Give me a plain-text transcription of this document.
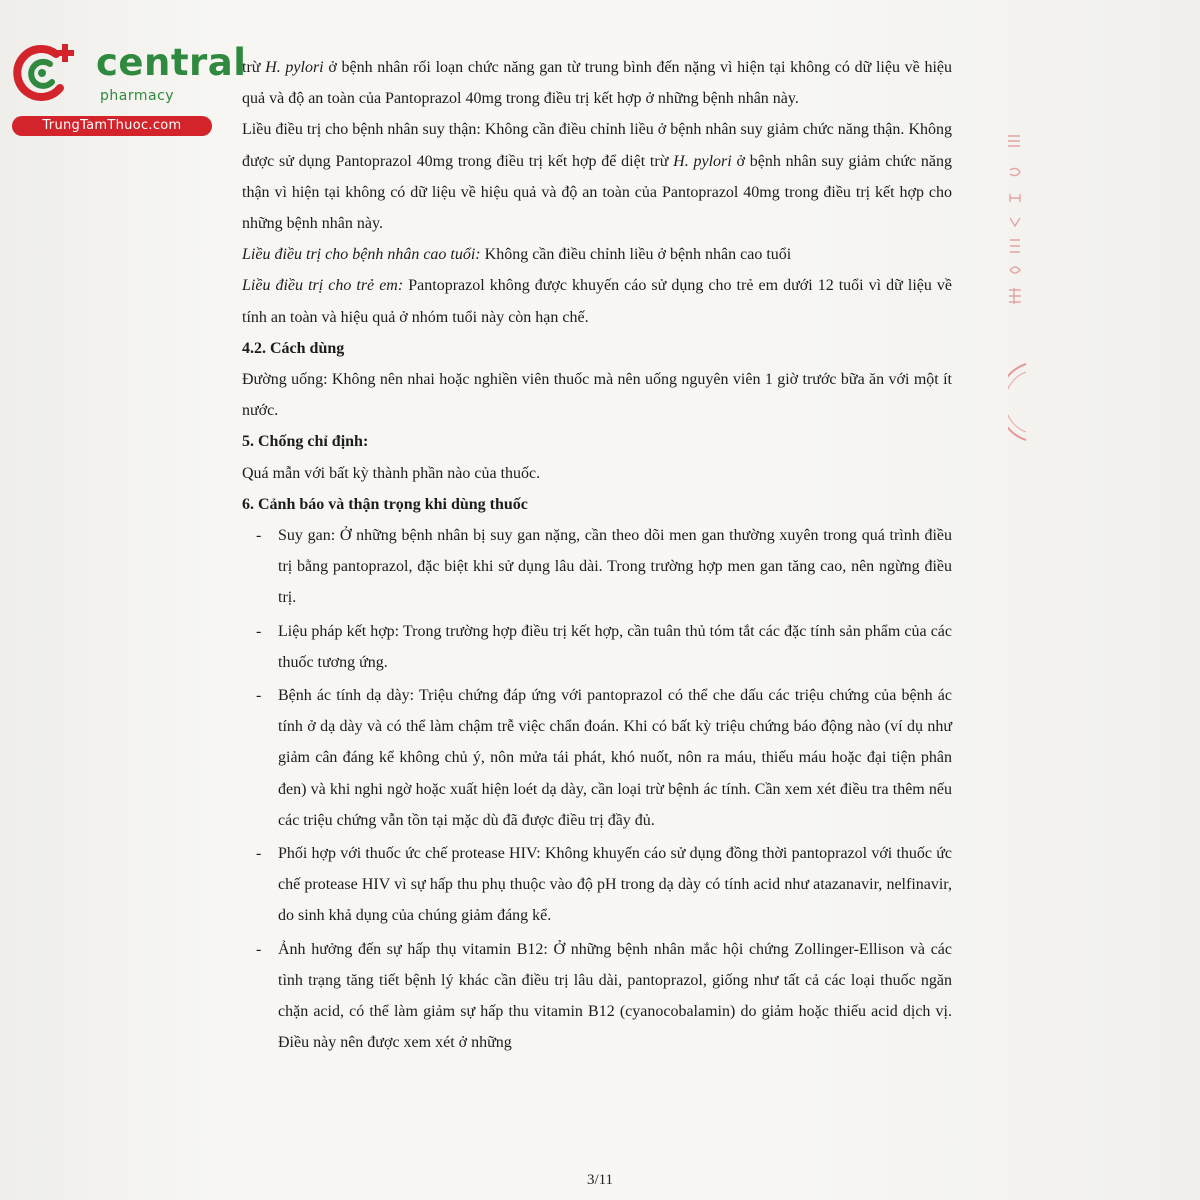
central
pharmacy
TrungTamThuoc.com

trừ H. pylori ở bệnh nhân rối loạn chức năng gan từ trung bình đến nặng vì hiện tại không có dữ liệu về hiệu quả và độ an toàn của Pantoprazol 40mg trong điều trị kết hợp ở những bệnh nhân này.

Liều điều trị cho bệnh nhân suy thận: Không cần điều chỉnh liều ở bệnh nhân suy giảm chức năng thận. Không được sử dụng Pantoprazol 40mg trong điều trị kết hợp để diệt trừ H. pylori ở bệnh nhân suy giảm chức năng thận vì hiện tại không có dữ liệu về hiệu quả và độ an toàn của Pantoprazol 40mg trong điều trị kết hợp cho những bệnh nhân này.

Liều điều trị cho bệnh nhân cao tuổi: Không cần điều chỉnh liều ở bệnh nhân cao tuổi

Liều điều trị cho trẻ em: Pantoprazol không được khuyến cáo sử dụng cho trẻ em dưới 12 tuổi vì dữ liệu về tính an toàn và hiệu quả ở nhóm tuổi này còn hạn chế.

4.2. Cách dùng

Đường uống: Không nên nhai hoặc nghiền viên thuốc mà nên uống nguyên viên 1 giờ trước bữa ăn với một ít nước.

5. Chống chỉ định:

Quá mẫn với bất kỳ thành phần nào của thuốc.

6. Cảnh báo và thận trọng khi dùng thuốc
- Suy gan: Ở những bệnh nhân bị suy gan nặng, cần theo dõi men gan thường xuyên trong quá trình điều trị bằng pantoprazol, đặc biệt khi sử dụng lâu dài. Trong trường hợp men gan tăng cao, nên ngừng điều trị.
- Liệu pháp kết hợp: Trong trường hợp điều trị kết hợp, cần tuân thủ tóm tắt các đặc tính sản phẩm của các thuốc tương ứng.
- Bệnh ác tính dạ dày: Triệu chứng đáp ứng với pantoprazol có thể che dấu các triệu chứng của bệnh ác tính ở dạ dày và có thể làm chậm trễ việc chẩn đoán. Khi có bất kỳ triệu chứng báo động nào (ví dụ như giảm cân đáng kể không chủ ý, nôn mửa tái phát, khó nuốt, nôn ra máu, thiếu máu hoặc đại tiện phân đen) và khi nghi ngờ hoặc xuất hiện loét dạ dày, cần loại trừ bệnh ác tính. Cần xem xét điều tra thêm nếu các triệu chứng vẫn tồn tại mặc dù đã được điều trị đầy đủ.
- Phối hợp với thuốc ức chế protease HIV: Không khuyến cáo sử dụng đồng thời pantoprazol với thuốc ức chế protease HIV vì sự hấp thu phụ thuộc vào độ pH trong dạ dày có tính acid như atazanavir, nelfinavir, do sinh khả dụng của chúng giảm đáng kể.
- Ảnh hưởng đến sự hấp thụ vitamin B12: Ở những bệnh nhân mắc hội chứng Zollinger-Ellison và các tình trạng tăng tiết bệnh lý khác cần điều trị lâu dài, pantoprazol, giống như tất cả các loại thuốc ngăn chặn acid, có thể làm giảm sự hấp thu vitamin B12 (cyanocobalamin) do giảm hoặc thiếu acid dịch vị. Điều này nên được xem xét ở những
3/11
